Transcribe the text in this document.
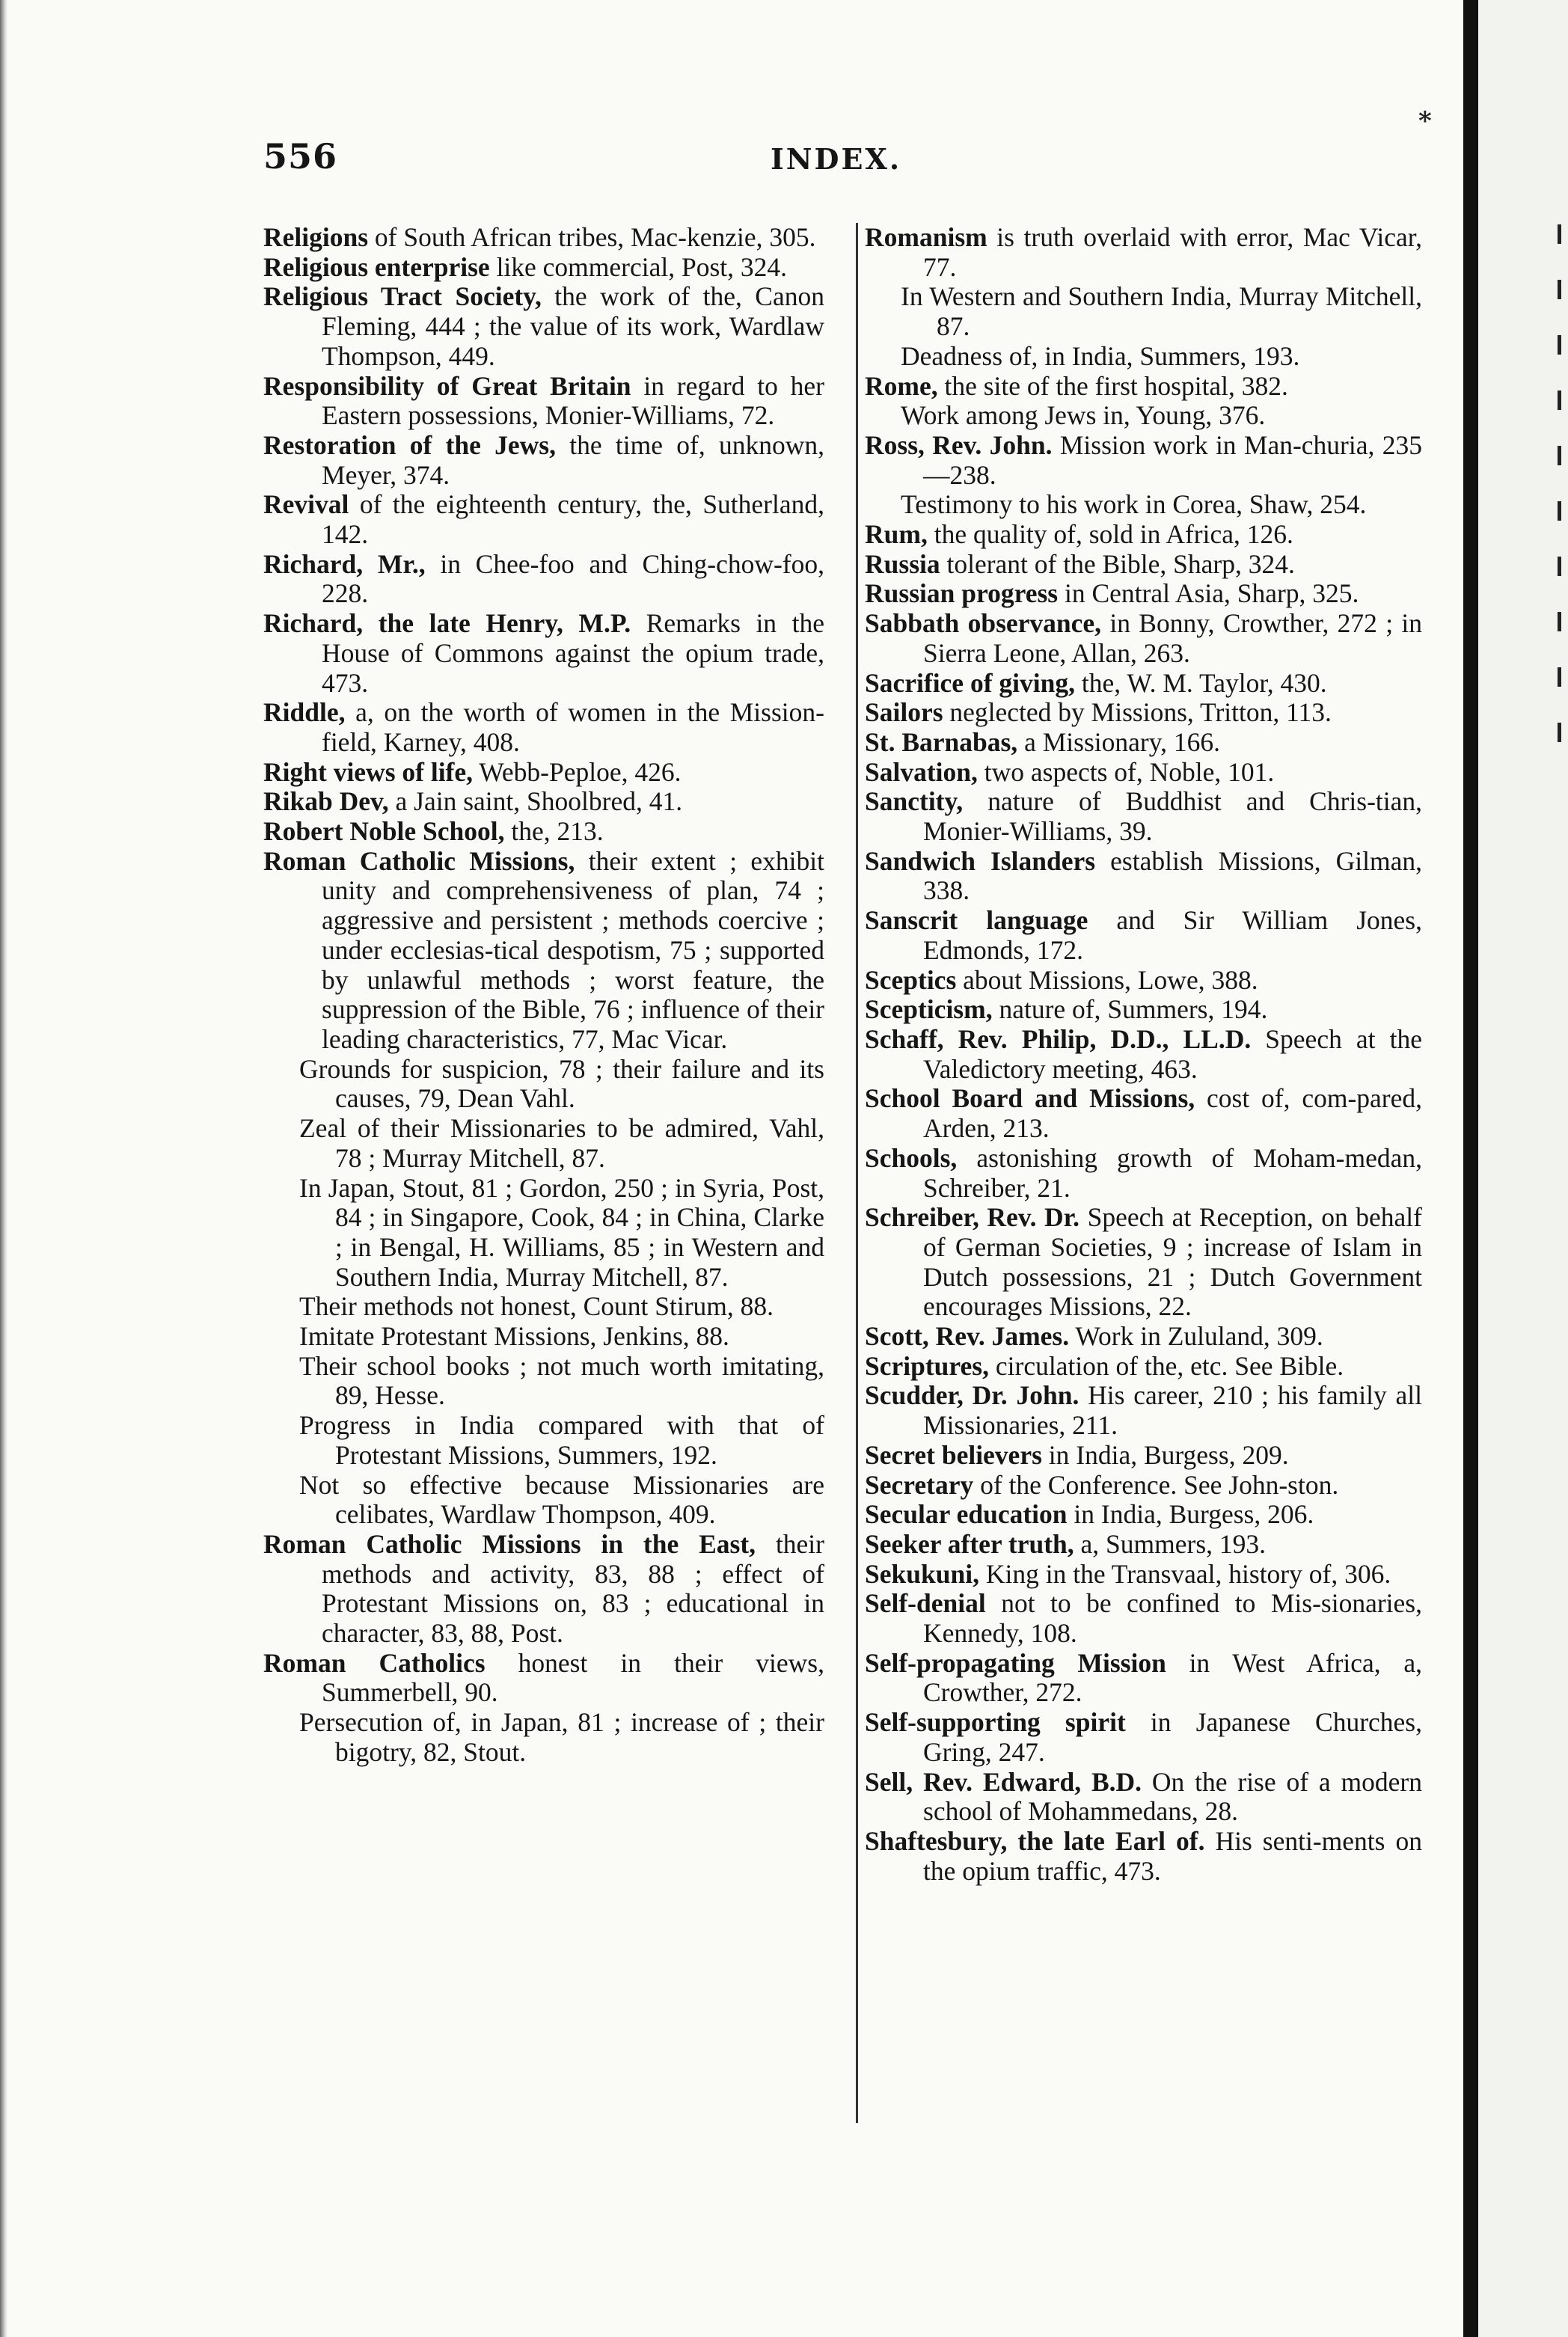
*
556	INDEX.
Religions of South African tribes, Mac-kenzie, 305.
Religious enterprise like commercial, Post, 324.
Religious Tract Society, the work of the, Canon Fleming, 444 ; the value of its work, Wardlaw Thompson, 449.
Responsibility of Great Britain in regard to her Eastern possessions, Monier-Williams, 72.
Restoration of the Jews, the time of, unknown, Meyer, 374.
Revival of the eighteenth century, the, Sutherland, 142.
Richard, Mr., in Chee-foo and Ching-chow-foo, 228.
Richard, the late Henry, M.P. Remarks in the House of Commons against the opium trade, 473.
Riddle, a, on the worth of women in the Mission-field, Karney, 408.
Right views of life, Webb-Peploe, 426.
Rikab Dev, a Jain saint, Shoolbred, 41.
Robert Noble School, the, 213.
Roman Catholic Missions, their extent ; exhibit unity and comprehensiveness of plan, 74 ; aggressive and persistent ; methods coercive ; under ecclesias-tical despotism, 75 ; supported by unlawful methods ; worst feature, the suppression of the Bible, 76 ; influence of their leading characteristics, 77, Mac Vicar.
Grounds for suspicion, 78 ; their failure and its causes, 79, Dean Vahl.
Zeal of their Missionaries to be admired, Vahl, 78 ; Murray Mitchell, 87.
In Japan, Stout, 81 ; Gordon, 250 ; in Syria, Post, 84 ; in Singapore, Cook, 84 ; in China, Clarke ; in Bengal, H. Williams, 85 ; in Western and Southern India, Murray Mitchell, 87.
Their methods not honest, Count Stirum, 88.
Imitate Protestant Missions, Jenkins, 88.
Their school books ; not much worth imitating, 89, Hesse.
Progress in India compared with that of Protestant Missions, Summers, 192.
Not so effective because Missionaries are celibates, Wardlaw Thompson, 409.
Roman Catholic Missions in the East, their methods and activity, 83, 88 ; effect of Protestant Missions on, 83 ; educational in character, 83, 88, Post.
Roman Catholics honest in their views, Summerbell, 90.
Persecution of, in Japan, 81 ; increase of ; their bigotry, 82, Stout.
Romanism is truth overlaid with error, Mac Vicar, 77.
In Western and Southern India, Murray Mitchell, 87.
Deadness of, in India, Summers, 193.
Rome, the site of the first hospital, 382.
Work among Jews in, Young, 376.
Ross, Rev. John. Mission work in Man-churia, 235—238.
Testimony to his work in Corea, Shaw, 254.
Rum, the quality of, sold in Africa, 126.
Russia tolerant of the Bible, Sharp, 324.
Russian progress in Central Asia, Sharp, 325.
Sabbath observance, in Bonny, Crowther, 272 ; in Sierra Leone, Allan, 263.
Sacrifice of giving, the, W. M. Taylor, 430.
Sailors neglected by Missions, Tritton, 113.
St. Barnabas, a Missionary, 166.
Salvation, two aspects of, Noble, 101.
Sanctity, nature of Buddhist and Chris-tian, Monier-Williams, 39.
Sandwich Islanders establish Missions, Gilman, 338.
Sanscrit language and Sir William Jones, Edmonds, 172.
Sceptics about Missions, Lowe, 388.
Scepticism, nature of, Summers, 194.
Schaff, Rev. Philip, D.D., LL.D. Speech at the Valedictory meeting, 463.
School Board and Missions, cost of, com-pared, Arden, 213.
Schools, astonishing growth of Moham-medan, Schreiber, 21.
Schreiber, Rev. Dr. Speech at Reception, on behalf of German Societies, 9 ; increase of Islam in Dutch possessions, 21 ; Dutch Government encourages Missions, 22.
Scott, Rev. James. Work in Zululand, 309.
Scriptures, circulation of the, etc. See Bible.
Scudder, Dr. John. His career, 210 ; his family all Missionaries, 211.
Secret believers in India, Burgess, 209.
Secretary of the Conference. See John-ston.
Secular education in India, Burgess, 206.
Seeker after truth, a, Summers, 193.
Sekukuni, King in the Transvaal, history of, 306.
Self-denial not to be confined to Mis-sionaries, Kennedy, 108.
Self-propagating Mission in West Africa, a, Crowther, 272.
Self-supporting spirit in Japanese Churches, Gring, 247.
Sell, Rev. Edward, B.D. On the rise of a modern school of Mohammedans, 28.
Shaftesbury, the late Earl of. His senti-ments on the opium traffic, 473.
